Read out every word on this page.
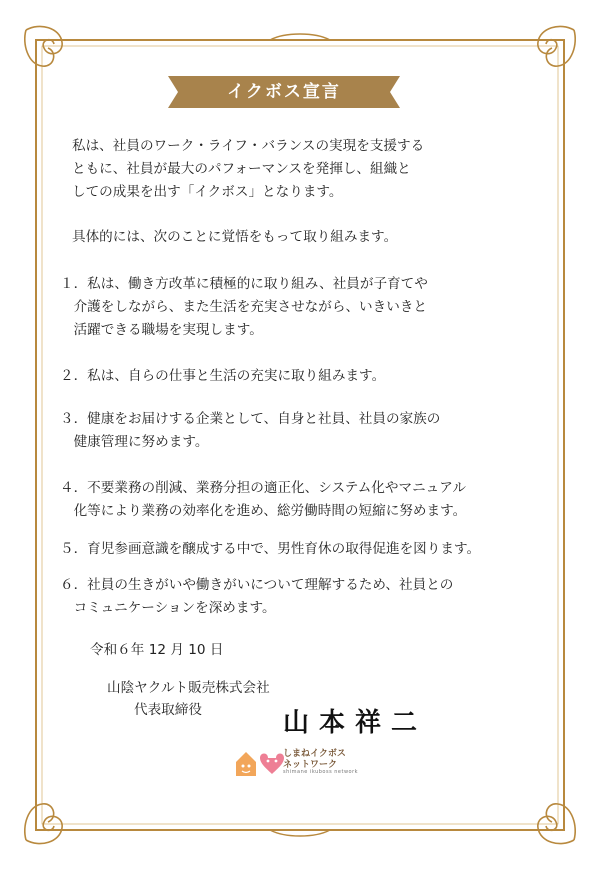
イクボス宣言
私は、社員のワーク・ライフ・バランスの実現を支援する
ともに、社員が最大のパフォーマンスを発揮し、組織と
しての成果を出す「イクボス」となります。
具体的には、次のことに覚悟をもって取り組みます。
１．私は、働き方改革に積極的に取り組み、社員が子育てや
　介護をしながら、また生活を充実させながら、いきいきと
　活躍できる職場を実現します。
２．私は、自らの仕事と生活の充実に取り組みます。
３．健康をお届けする企業として、自身と社員、社員の家族の
　健康管理に努めます。
４．不要業務の削減、業務分担の適正化、システム化やマニュアル
　化等により業務の効率化を進め、総労働時間の短縮に努めます。
５．育児参画意識を醸成する中で、男性育休の取得促進を図ります。
６．社員の生きがいや働きがいについて理解するため、社員との
　コミュニケーションを深めます。
令和６年 12 月 10 日
山陰ヤクルト販売株式会社
代表取締役	山本祥二
しまねイクボス
ネットワーク
shimane ikuboss network
